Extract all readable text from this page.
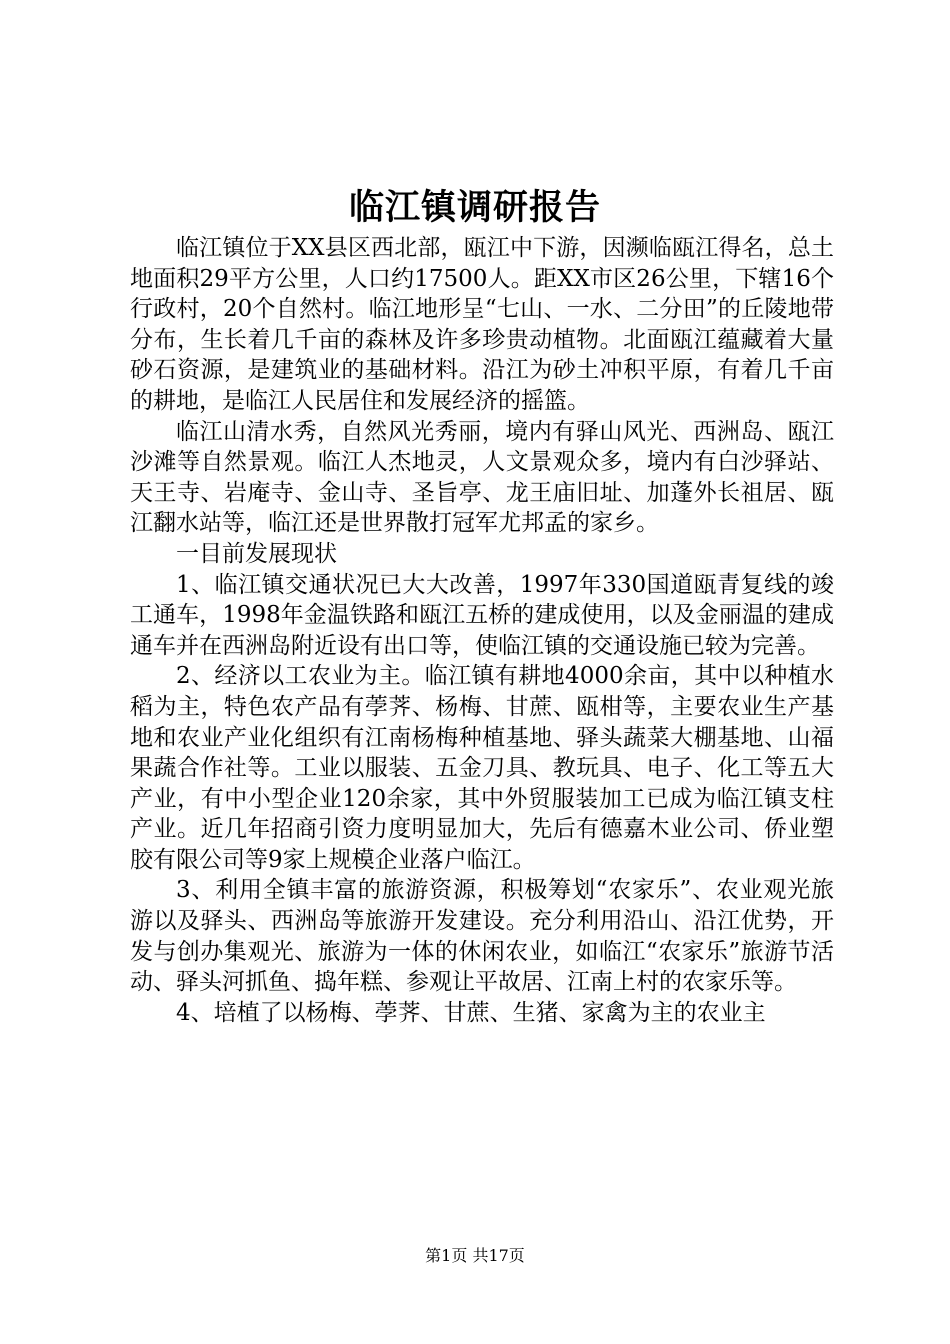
临江镇调研报告

临江镇位于XX县区西北部，瓯江中下游，因濒临瓯江得名，总土地面积29平方公里，人口约17500人。距XX市区26公里，下辖16个行政村，20个自然村。临江地形呈“七山、一水、二分田”的丘陵地带分布，生长着几千亩的森林及许多珍贵动植物。北面瓯江蕴藏着大量砂石资源，是建筑业的基础材料。沿江为砂土冲积平原，有着几千亩的耕地，是临江人民居住和发展经济的摇篮。

临江山清水秀，自然风光秀丽，境内有驿山风光、西洲岛、瓯江沙滩等自然景观。临江人杰地灵，人文景观众多，境内有白沙驿站、天王寺、岩庵寺、金山寺、圣旨亭、龙王庙旧址、加蓬外长祖居、瓯江翻水站等，临江还是世界散打冠军尤邦孟的家乡。

一目前发展现状

1、临江镇交通状况已大大改善，1997年330国道瓯青复线的竣工通车，1998年金温铁路和瓯江五桥的建成使用，以及金丽温的建成通车并在西洲岛附近设有出口等，使临江镇的交通设施已较为完善。

2、经济以工农业为主。临江镇有耕地4000余亩，其中以种植水稻为主，特色农产品有荸荠、杨梅、甘蔗、瓯柑等，主要农业生产基地和农业产业化组织有江南杨梅种植基地、驿头蔬菜大棚基地、山福果蔬合作社等。工业以服装、五金刀具、教玩具、电子、化工等五大产业，有中小型企业120余家，其中外贸服装加工已成为临江镇支柱产业。近几年招商引资力度明显加大，先后有德嘉木业公司、侨业塑胶有限公司等9家上规模企业落户临江。

3、利用全镇丰富的旅游资源，积极筹划“农家乐”、农业观光旅游以及驿头、西洲岛等旅游开发建设。充分利用沿山、沿江优势，开发与创办集观光、旅游为一体的休闲农业，如临江“农家乐”旅游节活动、驿头河抓鱼、捣年糕、参观让平故居、江南上村的农家乐等。

4、培植了以杨梅、荸荠、甘蔗、生猪、家禽为主的农业主

第1页 共17页
